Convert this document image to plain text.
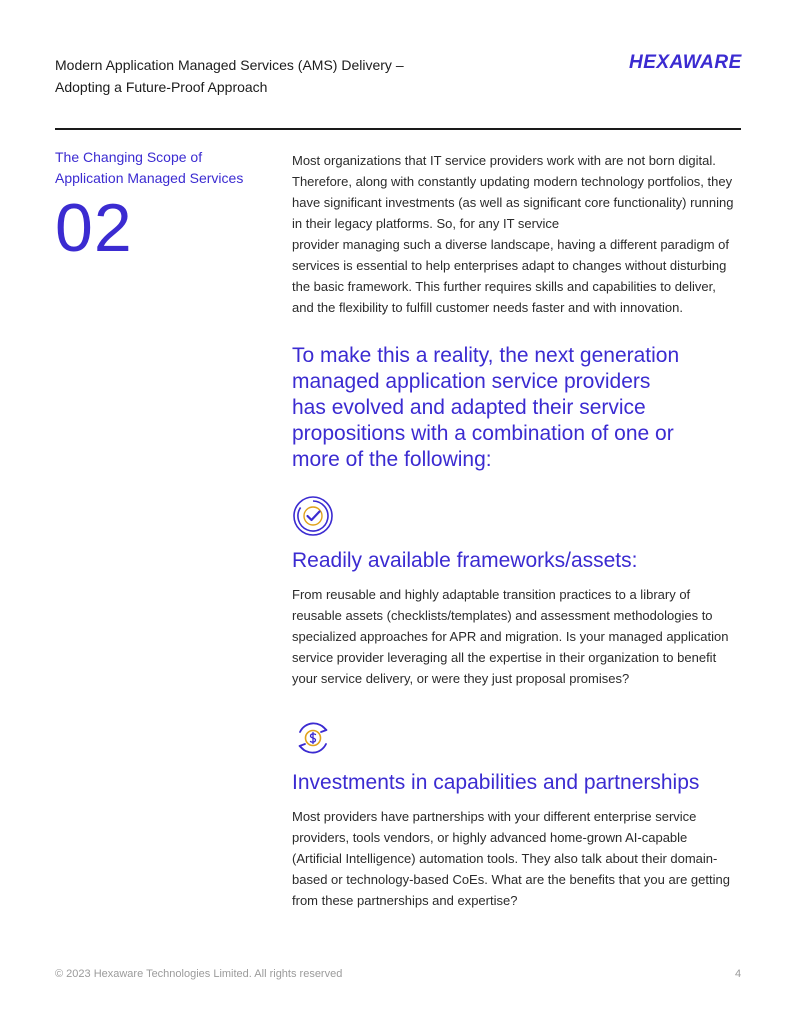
Modern Application Managed Services (AMS) Delivery –
Adopting a Future-Proof Approach
HEXAWARE
The Changing Scope of
Application Managed Services
02
Most organizations that IT service providers work with are not born digital.
Therefore, along with constantly updating modern technology portfolios, they
have significant investments (as well as significant core functionality) running
in their legacy platforms. So, for any IT service
provider managing such a diverse landscape, having a different paradigm of
services is essential to help enterprises adapt to changes without disturbing
the basic framework. This further requires skills and capabilities to deliver,
and the flexibility to fulfill customer needs faster and with innovation.
To make this a reality, the next generation
managed application service providers
has evolved and adapted their service
propositions with a combination of one or
more of the following:
Readily available frameworks/assets:
From reusable and highly adaptable transition practices to a library of
reusable assets (checklists/templates) and assessment methodologies to
specialized approaches for APR and migration. Is your managed application
service provider leveraging all the expertise in their organization to benefit
your service delivery, or were they just proposal promises?
Investments in capabilities and partnerships
Most providers have partnerships with your different enterprise service
providers, tools vendors, or highly advanced home-grown AI-capable
(Artificial Intelligence) automation tools. They also talk about their domain-
based or technology-based CoEs. What are the benefits that you are getting
from these partnerships and expertise?
© 2023 Hexaware Technologies Limited. All rights reserved	4
